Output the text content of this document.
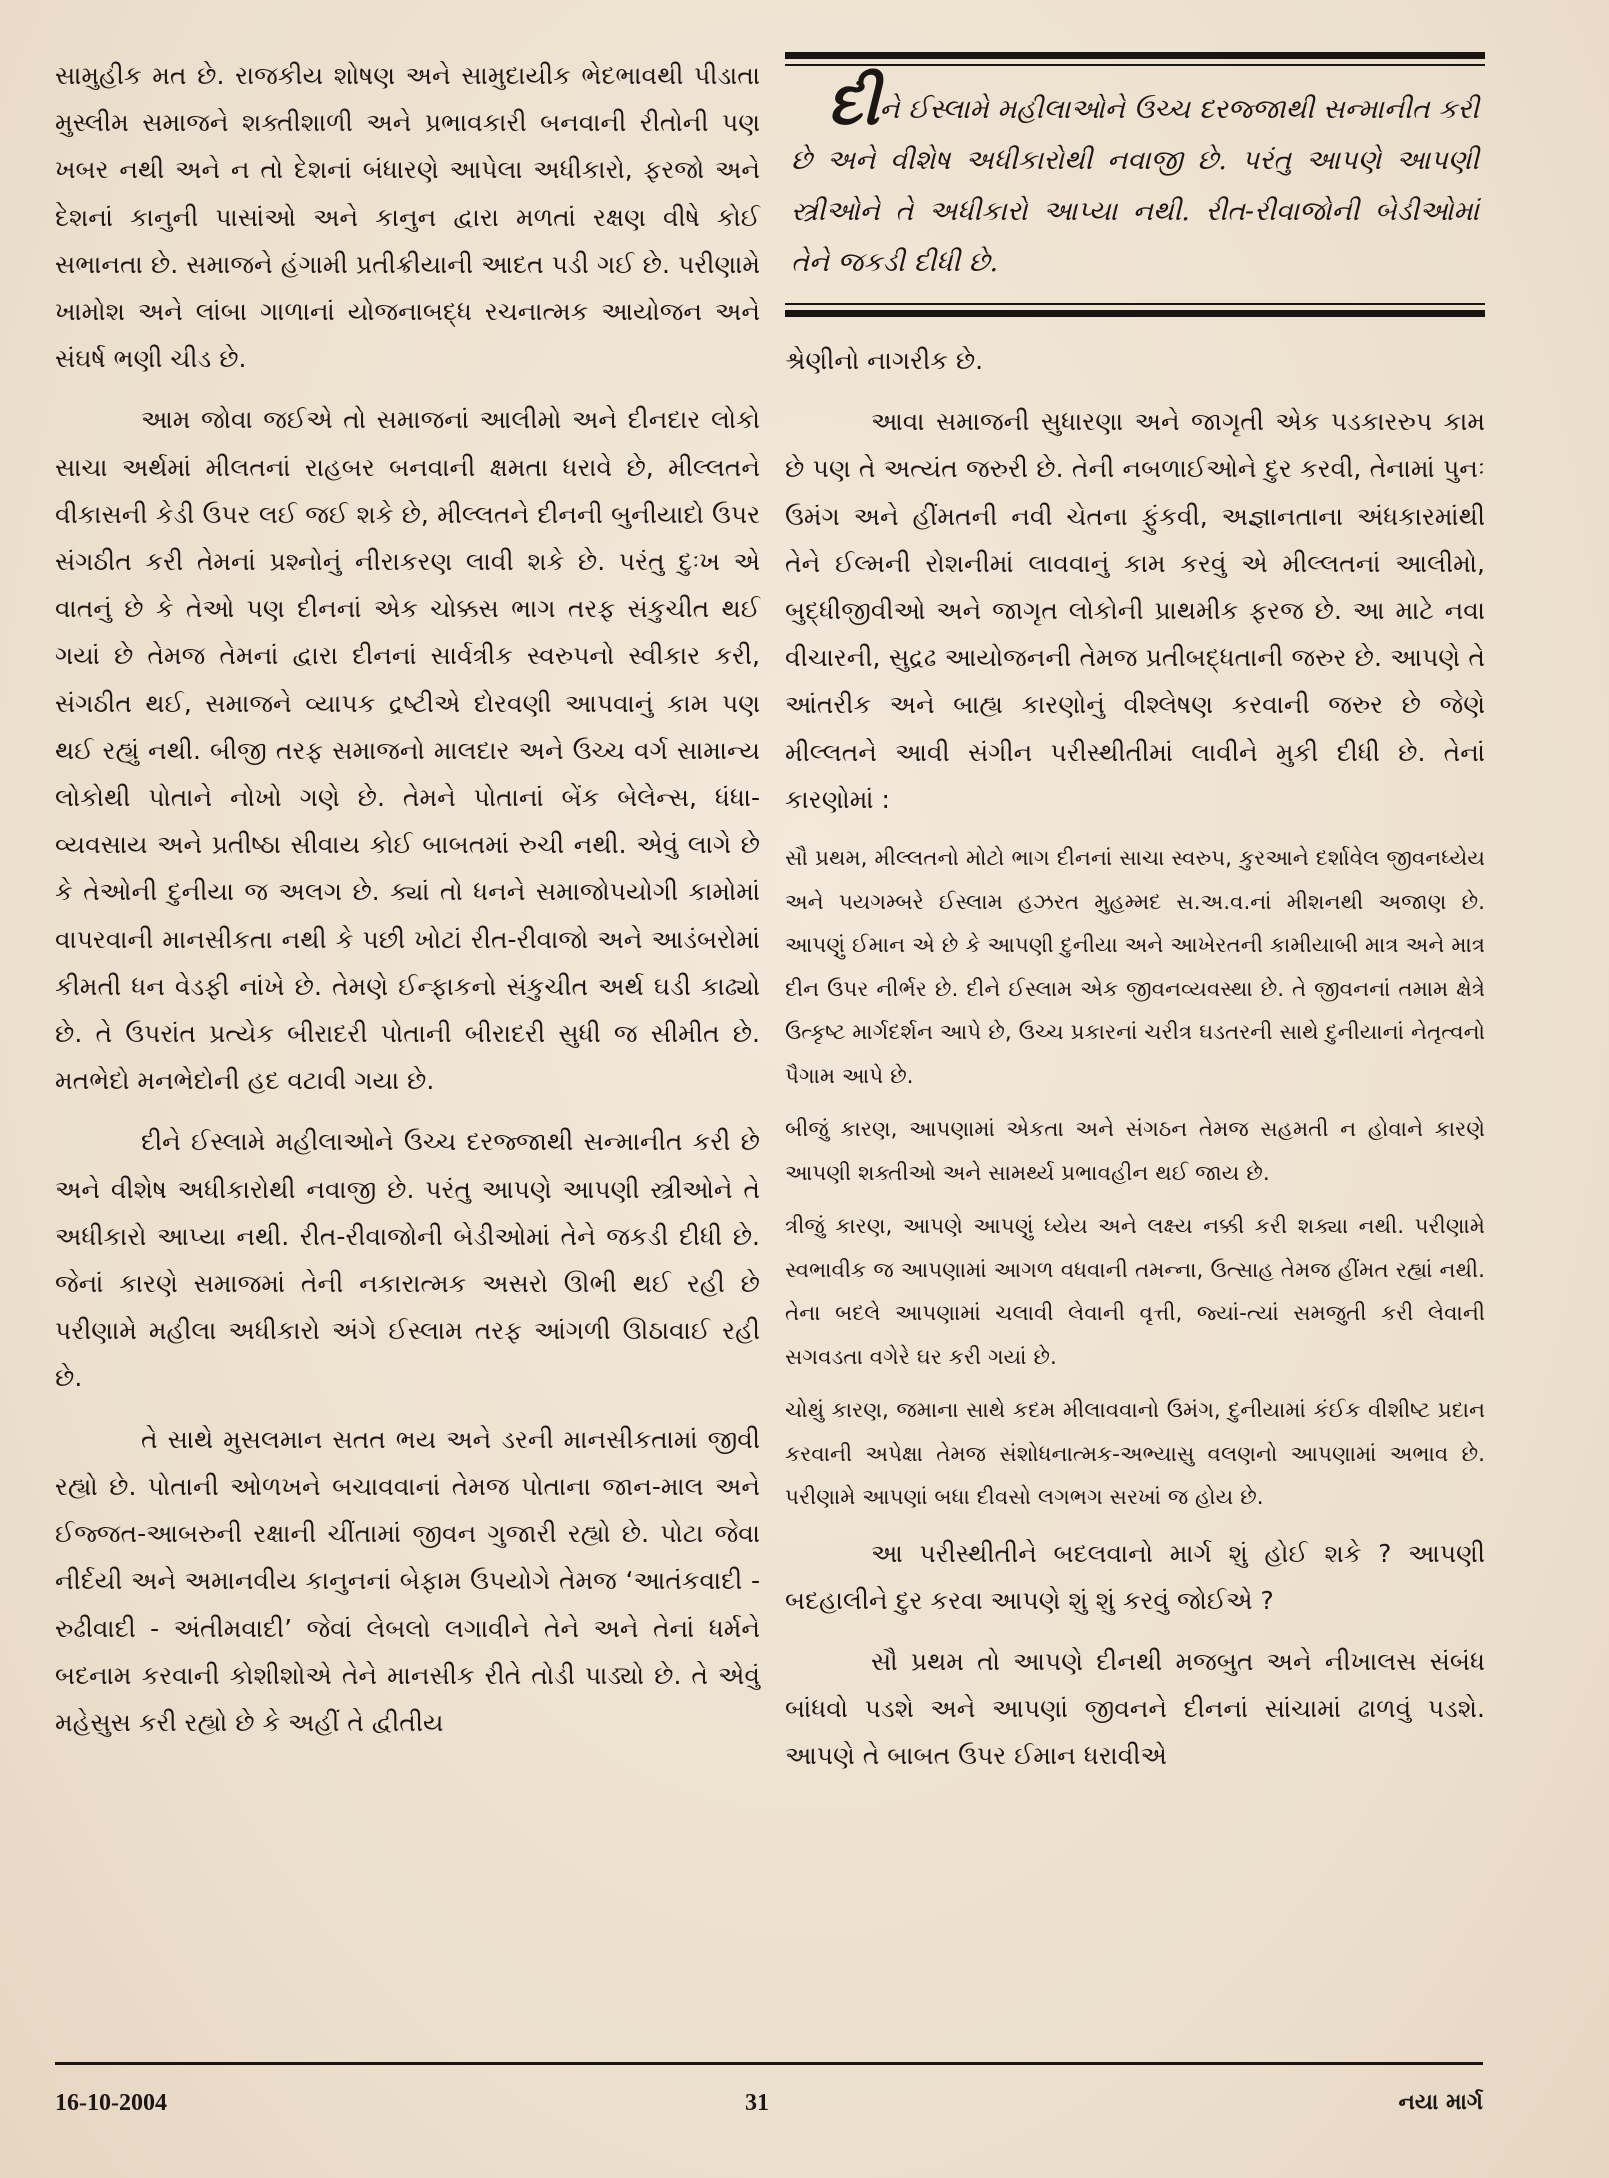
સામુહીક મત છે. રાજકીય શોષણ અને સામુદાયીક ભેદભાવથી પીડાતા મુસ્લીમ સમાજને શક્તીશાળી અને પ્રભાવકારી બનવાની રીતોની પણ ખબર નથી અને ન તો દેશનાં બંધારણે આપેલા અધીકારો, ફરજો અને દેશનાં કાનુની પાસાંઓ અને કાનુન દ્વારા મળતાં રક્ષણ વીષે કોઈ સભાનતા છે. સમાજને હંગામી પ્રતીક્રીયાની આદત પડી ગઈ છે. પરીણામે ખામોશ અને લાંબા ગાળાનાં યોજનાબદ્ધ રચનાત્મક આયોજન અને સંઘર્ષ ભણી ચીડ છે.

આમ જોવા જઈએ તો સમાજનાં આલીમો અને દીનદાર લોકો સાચા અર્થમાં મીલતનાં રાહબર બનવાની ક્ષમતા ધરાવે છે, મીલ્લતને વીકાસની કેડી ઉપર લઈ જઈ શકે છે, મીલ્લતને દીનની બુનીયાદો ઉપર સંગઠીત કરી તેમનાં પ્રશ્નોનું નીરાકરણ લાવી શકે છે. પરંતુ દુઃખ એ વાતનું છે કે તેઓ પણ દીનનાં એક ચોક્કસ ભાગ તરફ સંકુચીત થઈ ગયાં છે તેમજ તેમનાં દ્વારા દીનનાં સાર્વત્રીક સ્વરુપનો સ્વીકાર કરી, સંગઠીત થઈ, સમાજને વ્યાપક દ્રષ્ટીએ દોરવણી આપવાનું કામ પણ થઈ રહ્યું નથી. બીજી તરફ સમાજનો માલદાર અને ઉચ્ચ વર્ગ સામાન્ય લોકોથી પોતાને નોખો ગણે છે. તેમને પોતાનાં બેંક બેલેન્સ, ધંધા-વ્યવસાય અને પ્રતીષ્ઠા સીવાય કોઈ બાબતમાં રુચી નથી. એવું લાગે છે કે તેઓની દુનીયા જ અલગ છે. ક્યાં તો ધનને સમાજોપયોગી કામોમાં વાપરવાની માનસીકતા નથી કે પછી ખોટાં રીત-રીવાજો અને આડંબરોમાં કીમતી ધન વેડફી નાંખે છે. તેમણે ઈન્ફાકનો સંકુચીત અર્થ ઘડી કાઢ્યો છે. તે ઉપરાંત પ્રત્યેક બીરાદરી પોતાની બીરાદરી સુધી જ સીમીત છે. મતભેદો મનભેદોની હદ વટાવી ગયા છે.

દીને ઈસ્લામે મહીલાઓને ઉચ્ચ દરજ્જાથી સન્માનીત કરી છે અને વીશેષ અધીકારોથી નવાજી છે. પરંતુ આપણે આપણી સ્ત્રીઓને તે અધીકારો આપ્યા નથી. રીત-રીવાજોની બેડીઓમાં તેને જકડી દીધી છે. જેનાં કારણે સમાજમાં તેની નકારાત્મક અસરો ઊભી થઈ રહી છે પરીણામે મહીલા અધીકારો અંગે ઈસ્લામ તરફ આંગળી ઊઠાવાઈ રહી છે.

તે સાથે મુસલમાન સતત ભય અને ડરની માનસીકતામાં જીવી રહ્યો છે. પોતાની ઓળખને બચાવવાનાં તેમજ પોતાના જાન-માલ અને ઈજ્જત-આબરુની રક્ષાની ચીંતામાં જીવન ગુજારી રહ્યો છે. પોટા જેવા નીર્દયી અને અમાનવીય કાનુનનાં બેફામ ઉપયોગે તેમજ ‘આતંકવાદી - રુઢીવાદી - અંતીમવાદી’ જેવાં લેબલો લગાવીને તેને અને તેનાં ધર્મને બદનામ કરવાની કોશીશોએ તેને માનસીક રીતે તોડી પાડ્યો છે. તે એવું મહેસુસ કરી રહ્યો છે કે અહીં તે દ્વીતીય

દીને ઈસ્લામે મહીલાઓને ઉચ્ચ દરજ્જાથી સન્માનીત કરી છે અને વીશેષ અધીકારોથી નવાજી છે. પરંતુ આપણે આપણી સ્ત્રીઓને તે અધીકારો આપ્યા નથી. રીત-રીવાજોની બેડીઓમાં તેને જકડી દીધી છે.

શ્રેણીનો નાગરીક છે.

આવા સમાજની સુધારણા અને જાગૃતી એક પડકારરુપ કામ છે પણ તે અત્યંત જરુરી છે. તેની નબળાઈઓને દુર કરવી, તેનામાં પુનઃ ઉમંગ અને હીંમતની નવી ચેતના ફુંકવી, અજ્ઞાનતાના અંધકારમાંથી તેને ઈલ્મની રોશનીમાં લાવવાનું કામ કરવું એ મીલ્લતનાં આલીમો, બુદ્ધીજીવીઓ અને જાગૃત લોકોની પ્રાથમીક ફરજ છે. આ માટે નવા વીચારની, સુદ્રઢ આયોજનની તેમજ પ્રતીબદ્ધતાની જરુર છે. આપણે તે આંતરીક અને બાહ્ય કારણોનું વીશ્લેષણ કરવાની જરુર છે જેણે મીલ્લતને આવી સંગીન પરીસ્થીતીમાં લાવીને મુકી દીધી છે. તેનાં કારણોમાં :

સૌ પ્રથમ, મીલ્લતનો મોટો ભાગ દીનનાં સાચા સ્વરુપ, કુરઆને દર્શાવેલ જીવનધ્યેય અને પયગમ્બરે ઈસ્લામ હઝરત મુહમ્મદ સ.અ.વ.નાં મીશનથી અજાણ છે. આપણું ઈમાન એ છે કે આપણી દુનીયા અને આખેરતની કામીયાબી માત્ર અને માત્ર દીન ઉપર નીર્ભર છે. દીને ઈસ્લામ એક જીવનવ્યવસ્થા છે. તે જીવનનાં તમામ ક્ષેત્રે ઉત્કૃષ્ટ માર્ગદર્શન આપે છે, ઉચ્ચ પ્રકારનાં ચરીત્ર ઘડતરની સાથે દુનીયાનાં નેતૃત્વનો પૈગામ આપે છે.

બીજું કારણ, આપણામાં એકતા અને સંગઠન તેમજ સહમતી ન હોવાને કારણે આપણી શક્તીઓ અને સામર્થ્ય પ્રભાવહીન થઈ જાય છે.

ત્રીજું કારણ, આપણે આપણું ધ્યેય અને લક્ષ્ય નક્કી કરી શક્યા નથી. પરીણામે સ્વભાવીક જ આપણામાં આગળ વધવાની તમન્ના, ઉત્સાહ તેમજ હીંમત રહ્યાં નથી. તેના બદલે આપણામાં ચલાવી લેવાની વૃત્તી, જ્યાં-ત્યાં સમજુતી કરી લેવાની સગવડતા વગેરે ઘર કરી ગયાં છે.

ચોથું કારણ, જમાના સાથે કદમ મીલાવવાનો ઉમંગ, દુનીયામાં કંઈક વીશીષ્ટ પ્રદાન કરવાની અપેક્ષા તેમજ સંશોધનાત્મક-અભ્યાસુ વલણનો આપણામાં અભાવ છે. પરીણામે આપણાં બધા દીવસો લગભગ સરખાં જ હોય છે.

આ પરીસ્થીતીને બદલવાનો માર્ગ શું હોઈ શકે ? આપણી બદહાલીને દુર કરવા આપણે શું શું કરવું જોઈએ ?

સૌ પ્રથમ તો આપણે દીનથી મજબુત અને નીખાલસ સંબંધ બાંધવો પડશે અને આપણાં જીવનને દીનનાં સાંચામાં ઢાળવું પડશે. આપણે તે બાબત ઉપર ઈમાન ધરાવીએ

16-10-2004	31	નયા માર્ગ
